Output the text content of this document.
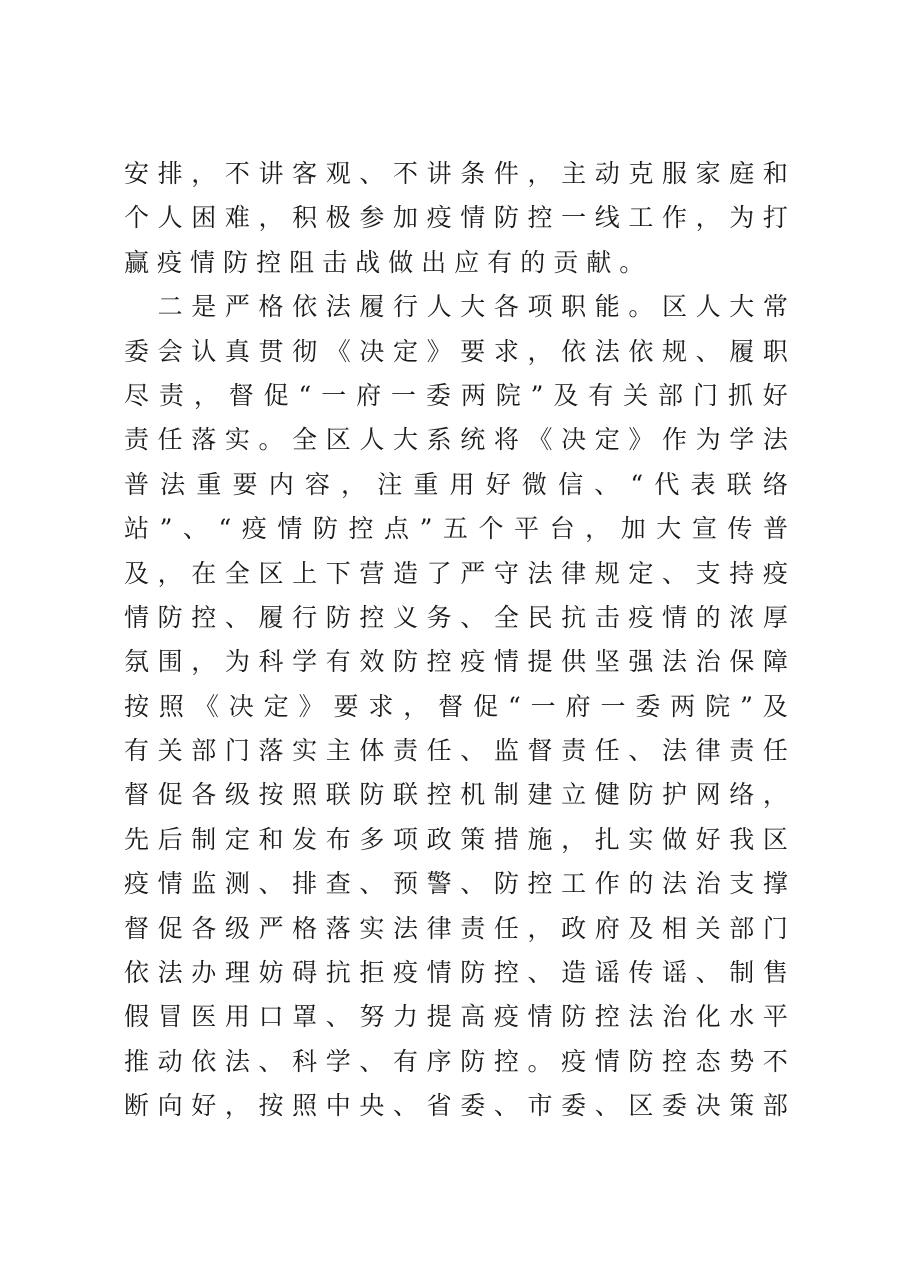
安 排 ， 不 讲 客 观 、 不 讲 条 件 ， 主 动 克 服 家 庭 和
个 人 困 难 ， 积 极 参 加 疫 情 防 控 一 线 工 作 ， 为 打
赢 疫 情 防 控 阻 击 战 做 出 应 有 的 贡 献 。

二 是 严 格 依 法 履 行 人 大 各 项 职 能 。 区 人 大 常
委 会 认 真 贯 彻 《 决 定 》 要 求 ， 依 法 依 规 、 履 职
尽 责 ， 督 促 “ 一 府 一 委 两 院 ” 及 有 关 部 门 抓 好
责 任 落 实 。 全 区 人 大 系 统 将 《 决 定 》 作 为 学 法
普 法 重 要 内 容 ， 注 重 用 好 微 信 、 “ 代 表 联 络
站 ” 、 “ 疫 情 防 控 点 ” 五 个 平 台 ， 加 大 宣 传 普
及 ， 在 全 区 上 下 营 造 了 严 守 法 律 规 定 、 支 持 疫
情 防 控 、 履 行 防 控 义 务 、 全 民 抗 击 疫 情 的 浓 厚
氛 围 ， 为 科 学 有 效 防 控 疫 情 提 供 坚 强 法 治 保 障
按 照 《 决 定 》 要 求 ， 督 促 “ 一 府 一 委 两 院 ” 及
有 关 部 门 落 实 主 体 责 任 、 监 督 责 任 、 法 律 责 任
督 促 各 级 按 照 联 防 联 控 机 制 建 立 健 防 护 网 络 ，
先 后 制 定 和 发 布 多 项 政 策 措 施 ， 扎 实 做 好 我 区
疫 情 监 测 、 排 查 、 预 警 、 防 控 工 作 的 法 治 支 撑
督 促 各 级 严 格 落 实 法 律 责 任 ， 政 府 及 相 关 部 门
依 法 办 理 妨 碍 抗 拒 疫 情 防 控 、 造 谣 传 谣 、 制 售
假 冒 医 用 口 罩 、 努 力 提 高 疫 情 防 控 法 治 化 水 平
推 动 依 法 、 科 学 、 有 序 防 控 。 疫 情 防 控 态 势 不
断 向 好 ， 按 照 中 央 、 省 委 、 市 委 、 区 委 决 策 部
